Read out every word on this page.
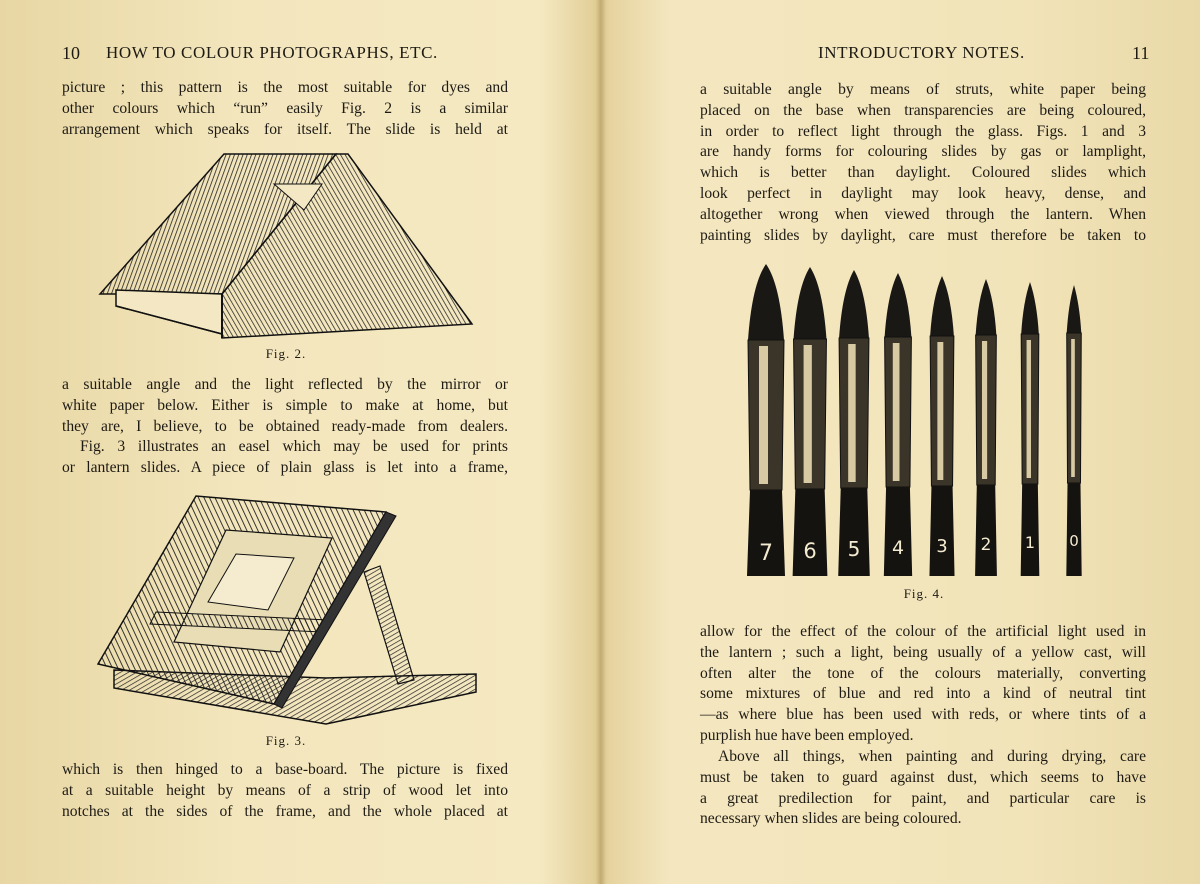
10 HOW TO COLOUR PHOTOGRAPHS, ETC.
picture ; this pattern is the most suitable for dyes and
other colours which “run” easily Fig. 2 is a similar
arrangement which speaks for itself. The slide is held at
Fig. 2.
a suitable angle and the light reflected by the mirror or
white paper below. Either is simple to make at home, but
they are, I believe, to be obtained ready-made from dealers.
Fig. 3 illustrates an easel which may be used for prints
or lantern slides. A piece of plain glass is let into a frame,
Fig. 3.
which is then hinged to a base-board. The picture is fixed
at a suitable height by means of a strip of wood let into
notches at the sides of the frame, and the whole placed at
INTRODUCTORY NOTES.	11
a suitable angle by means of struts, white paper being
placed on the base when transparencies are being coloured,
in order to reflect light through the glass. Figs. 1 and 3
are handy forms for colouring slides by gas or lamplight,
which is better than daylight. Coloured slides which
look perfect in daylight may look heavy, dense, and
altogether wrong when viewed through the lantern. When
painting slides by daylight, care must therefore be taken to
7 6 5 4 3 2 1 0
Fig. 4.
allow for the effect of the colour of the artificial light used in
the lantern ; such a light, being usually of a yellow cast, will
often alter the tone of the colours materially, converting
some mixtures of blue and red into a kind of neutral tint
—as where blue has been used with reds, or where tints of a
purplish hue have been employed.
Above all things, when painting and during drying, care
must be taken to guard against dust, which seems to have
a great predilection for paint, and particular care is
necessary when slides are being coloured.
